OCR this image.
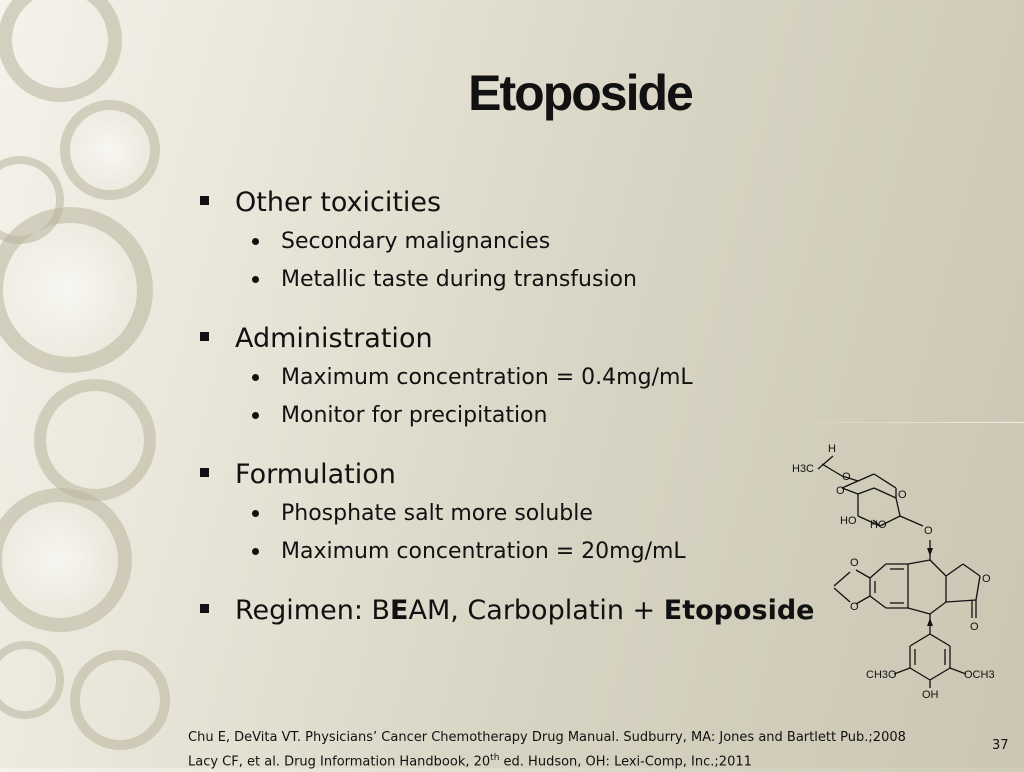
Etoposide
Other toxicities
Secondary malignancies
Metallic taste during transfusion
Administration
Maximum concentration = 0.4mg/mL
Monitor for precipitation
Formulation
Phosphate salt more soluble
Maximum concentration = 20mg/mL
Regimen: BEAM, Carboplatin + Etoposide
H
H3C
O
O	O
HO HO	O
O
O
O
O
CH3O	OCH3
OH
Chu E, DeVita VT. Physicians’ Cancer Chemotherapy Drug Manual. Sudburry, MA: Jones and Bartlett Pub.;2008
Lacy CF, et al. Drug Information Handbook, 20th ed. Hudson, OH: Lexi-Comp, Inc.;2011
37
